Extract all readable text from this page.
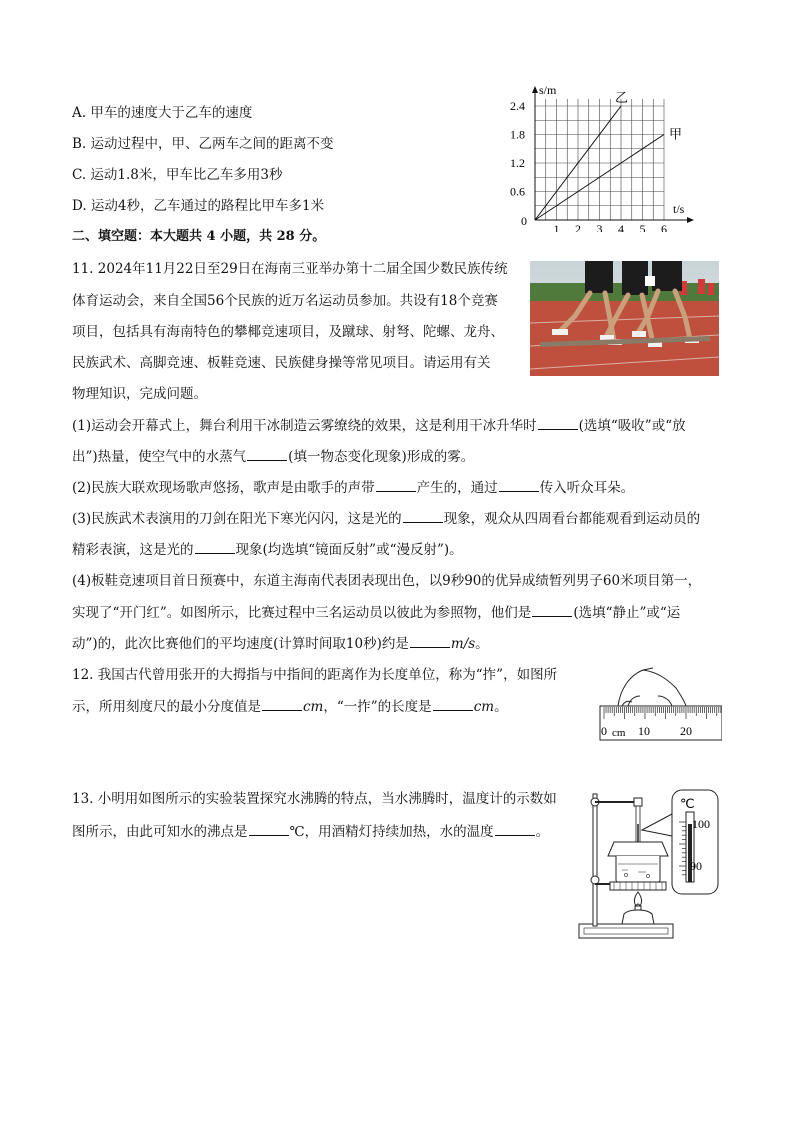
A. 甲车的速度大于乙车的速度
B. 运动过程中，甲、乙两车之间的距离不变
C. 运动1.8米，甲车比乙车多用3秒
D. 运动4秒，乙车通过的路程比甲车多1米
1 2 3 4 5 6
0.6
1.2
1.8
2.4
乙
甲
s/m
t/s
0
二、填空题：本大题共 4 小题，共 28 分。
11. 2024年11月22日至29日在海南三亚举办第十二届全国少数民族传统
体育运动会，来自全国56个民族的近万名运动员参加。共设有18个竞赛
项目，包括具有海南特色的攀椰竞速项目，及蹴球、射弩、陀螺、龙舟、
民族武术、高脚竞速、板鞋竞速、民族健身操等常见项目。请运用有关
物理知识，完成问题。
(1)运动会开幕式上，舞台利用干冰制造云雾缭绕的效果，这是利用干冰升华时	(选填“吸收”或“放
出”)热量，使空气中的水蒸气	(填一物态变化现象)形成的雾。
(2)民族大联欢现场歌声悠扬，歌声是由歌手的声带	产生的，通过	传入听众耳朵。
(3)民族武术表演用的刀剑在阳光下寒光闪闪，这是光的	现象，观众从四周看台都能观看到运动员的
精彩表演，这是光的	现象(均选填“镜面反射”或“漫反射”)。
(4)板鞋竞速项目首日预赛中，东道主海南代表团表现出色，以9秒90的优异成绩暂列男子60米项目第一，
实现了“开门红”。如图所示，比赛过程中三名运动员以彼此为参照物，他们是	(选填“静止”或“运
动”)的，此次比赛他们的平均速度(计算时间取10秒)约是	m/s。
12. 我国古代曾用张开的大拇指与中指间的距离作为长度单位，称为“拃”，如图所
示，所用刻度尺的最小分度值是	cm，“一拃”的长度是	cm。
0 cm 10	20
13. 小明用如图所示的实验装置探究水沸腾的特点，当水沸腾时，温度计的示数如
图所示，由此可知水的沸点是	℃，用酒精灯持续加热，水的温度	。
℃
100
90
